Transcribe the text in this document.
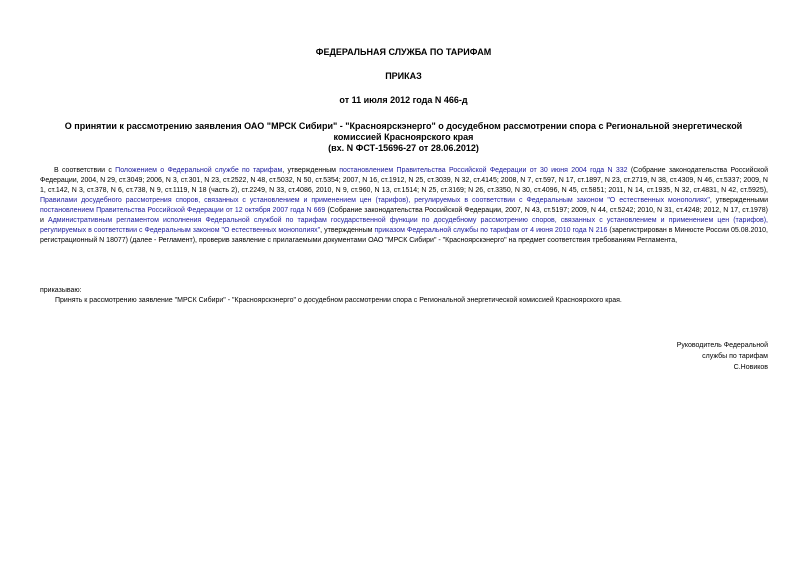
ФЕДЕРАЛЬНАЯ СЛУЖБА ПО ТАРИФАМ
ПРИКАЗ
от 11 июля 2012 года N 466-д
О принятии к рассмотрению заявления ОАО "МРСК Сибири" - "Красноярскэнерго" о досудебном рассмотрении спора с Региональной энергетической комиссией Красноярского края
(вх. N ФСТ-15696-27 от 28.06.2012)
В соответствии с Положением о Федеральной службе по тарифам, утвержденным постановлением Правительства Российской Федерации от 30 июня 2004 года N 332 (Собрание законодательства Российской Федерации, 2004, N 29, ст.3049; 2006, N 3, ст.301, N 23, ст.2522, N 48, ст.5032, N 50, ст.5354; 2007, N 16, ст.1912, N 25, ст.3039, N 32, ст.4145; 2008, N 7, ст.597, N 17, ст.1897, N 23, ст.2719, N 38, ст.4309, N 46, ст.5337; 2009, N 1, ст.142, N 3, ст.378, N 6, ст.738, N 9, ст.1119, N 18 (часть 2), ст.2249, N 33, ст.4086, 2010, N 9, ст.960, N 13, ст.1514; N 25, ст.3169; N 26, ст.3350, N 30, ст.4096, N 45, ст.5851; 2011, N 14, ст.1935, N 32, ст.4831, N 42, ст.5925), Правилами досудебного рассмотрения споров, связанных с установлением и применением цен (тарифов), регулируемых в соответствии с Федеральным законом "О естественных монополиях", утвержденными постановлением Правительства Российской Федерации от 12 октября 2007 года N 669 (Собрание законодательства Российской Федерации, 2007, N 43, ст.5197; 2009, N 44, ст.5242; 2010, N 31, ст.4248; 2012, N 17, ст.1978) и Административным регламентом исполнения Федеральной службой по тарифам государственной функции по досудебному рассмотрению споров, связанных с установлением и применением цен (тарифов), регулируемых в соответствии с Федеральным законом "О естественных монополиях", утвержденным приказом Федеральной службы по тарифам от 4 июня 2010 года N 216 (зарегистрирован в Минюсте России 05.08.2010, регистрационный N 18077) (далее - Регламент), проверив заявление с прилагаемыми документами ОАО "МРСК Сибири" - "Красноярскэнерго" на предмет соответствия требованиям Регламента,
приказываю:
Принять к рассмотрению заявление "МРСК Сибири" - "Красноярскэнерго" о досудебном рассмотрении спора с Региональной энергетической комиссией Красноярского края.
Руководитель Федеральной
службы по тарифам
С.Новиков
